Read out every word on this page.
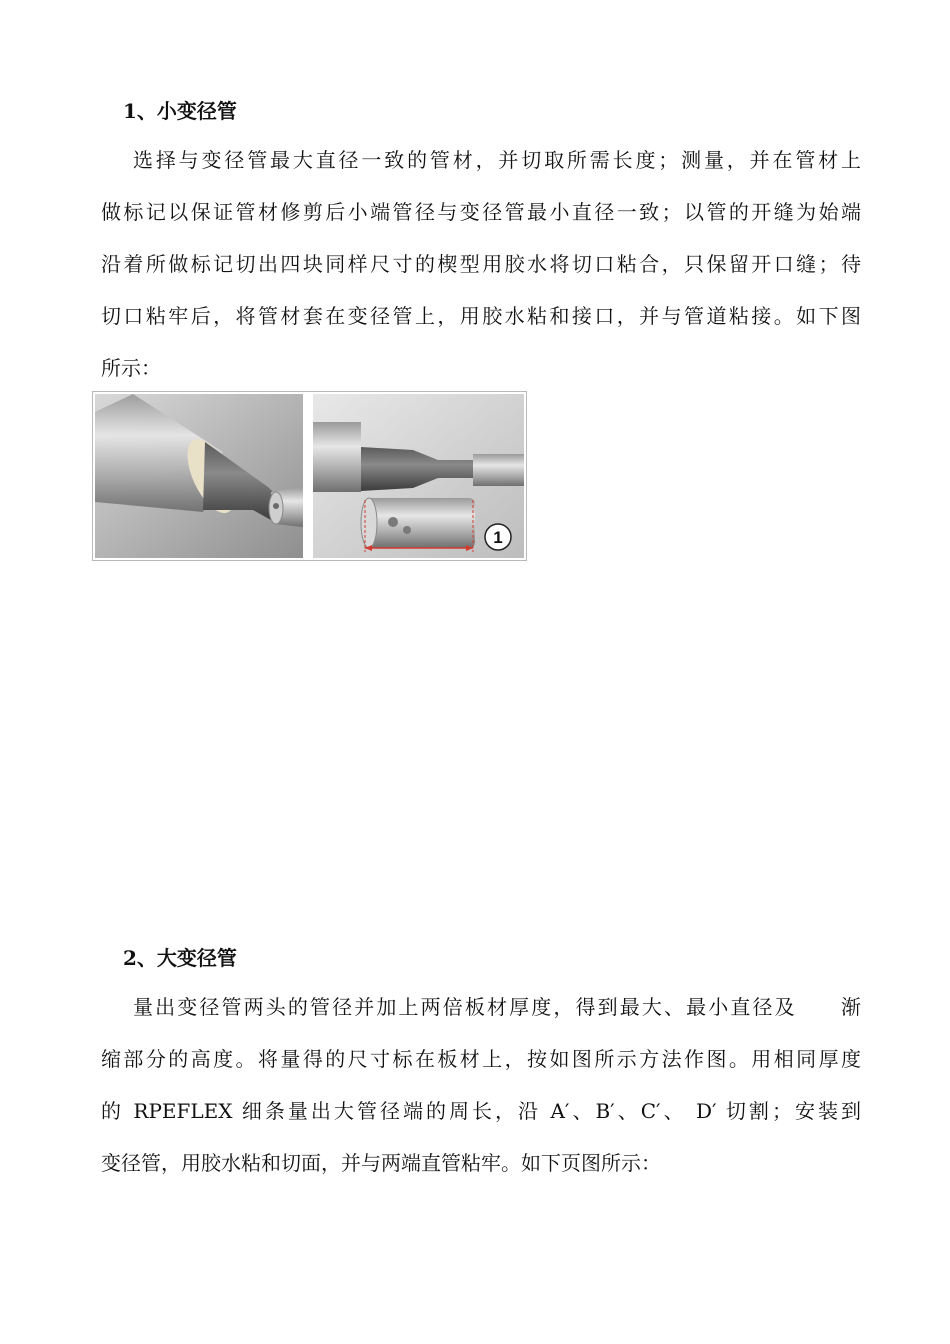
1、小变径管
选择与变径管最大直径一致的管材，并切取所需长度；测量，并在管材上
做标记以保证管材修剪后小端管径与变径管最小直径一致；以管的开缝为始端
沿着所做标记切出四块同样尺寸的楔型用胶水将切口粘合，只保留开口缝；待
切口粘牢后，将管材套在变径管上，用胶水粘和接口，并与管道粘接。如下图
所示：
1
2、大变径管
量出变径管两头的管径并加上两倍板材厚度，得到最大、最小直径及　　渐
缩部分的高度。将量得的尺寸标在板材上，按如图所示方法作图。用相同厚度
的 RPEFLEX 细条量出大管径端的周长，沿 A′、B′、C′、 D′ 切割；安装到
变径管，用胶水粘和切面，并与两端直管粘牢。如下页图所示：
